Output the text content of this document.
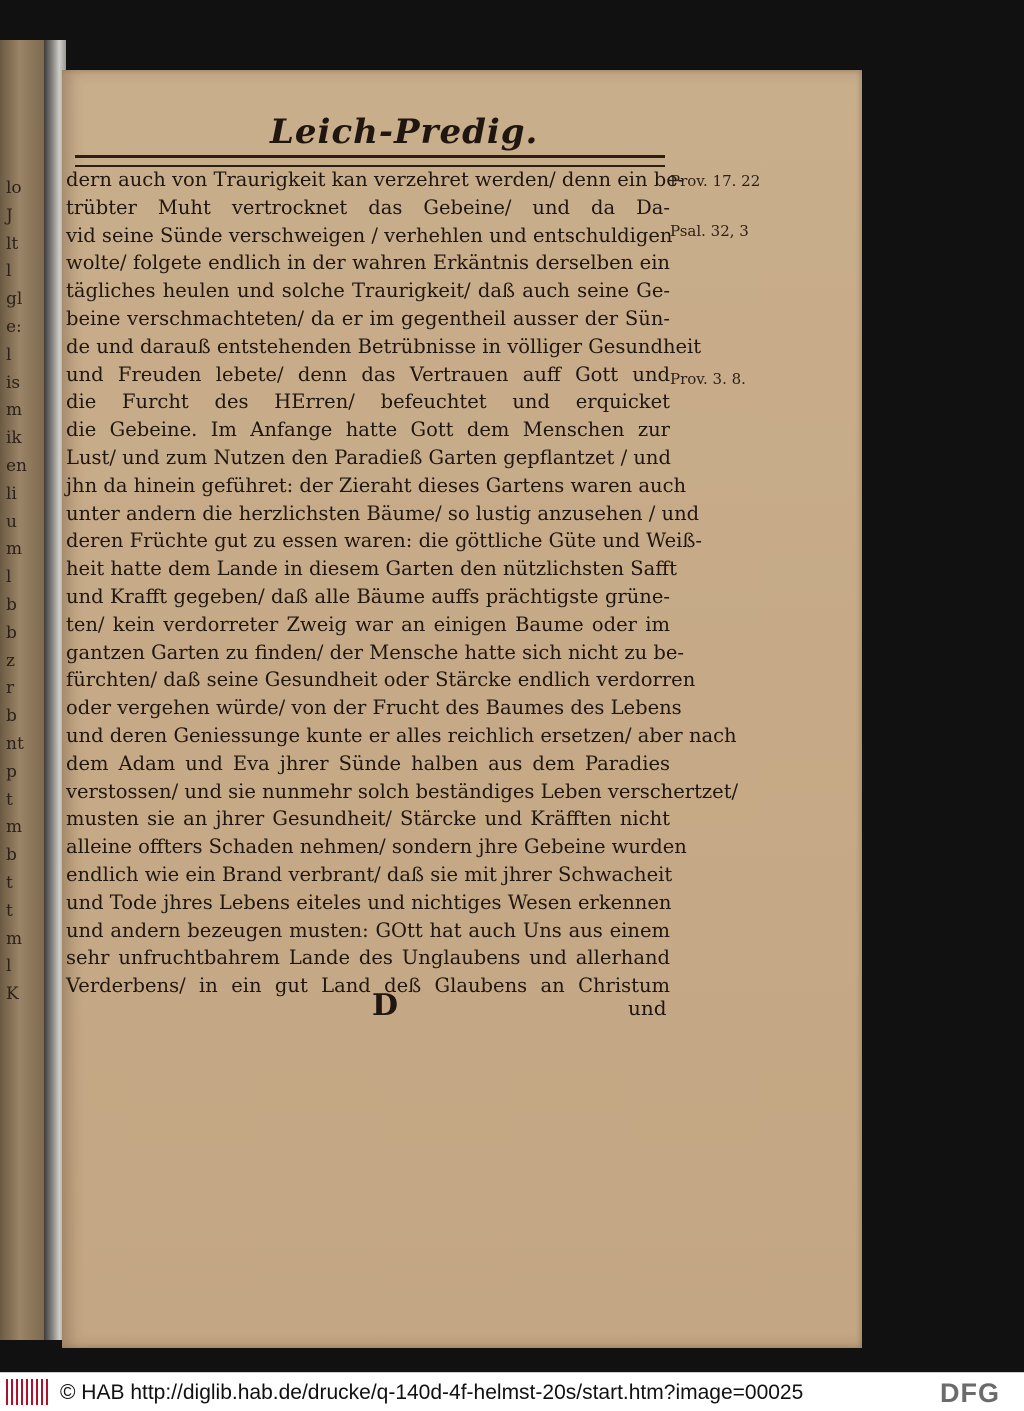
lo
J
lt
l
gl
e:
l
is
m
ik
en
li
u
m
l
b
b
z
r
b
nt
p
t
m
b
t
t
m
l
K
Leich-Predig.
dern auch von Traurigkeit kan verzehret werden/ denn ein be-
trübter Muht vertrocknet das Gebeine/ und da Da-
vid seine Sünde verschweigen / verhehlen und entschuldigen
wolte/ folgete endlich in der wahren Erkäntnis derselben ein
tägliches heulen und solche Traurigkeit/ daß auch seine Ge-
beine verschmachteten/ da er im gegentheil ausser der Sün-
de und darauß entstehenden Betrübnisse in völliger Gesundheit
und Freuden lebete/ denn das Vertrauen auff Gott und
die Furcht des HErren/ befeuchtet und erquicket
die Gebeine. Im Anfange hatte Gott dem Menschen zur
Lust/ und zum Nutzen den Paradieß Garten gepflantzet / und
jhn da hinein geführet: der Zieraht dieses Gartens waren auch
unter andern die herzlichsten Bäume/ so lustig anzusehen / und
deren Früchte gut zu essen waren: die göttliche Güte und Weiß-
heit hatte dem Lande in diesem Garten den nützlichsten Safft
und Krafft gegeben/ daß alle Bäume auffs prächtigste grüne-
ten/ kein verdorreter Zweig war an einigen Baume oder im
gantzen Garten zu finden/ der Mensche hatte sich nicht zu be-
fürchten/ daß seine Gesundheit oder Stärcke endlich verdorren
oder vergehen würde/ von der Frucht des Baumes des Lebens
und deren Geniessunge kunte er alles reichlich ersetzen/ aber nach
dem Adam und Eva jhrer Sünde halben aus dem Paradies
verstossen/ und sie nunmehr solch beständiges Leben verschertzet/
musten sie an jhrer Gesundheit/ Stärcke und Kräfften nicht
alleine offters Schaden nehmen/ sondern jhre Gebeine wurden
endlich wie ein Brand verbrant/ daß sie mit jhrer Schwacheit
und Tode jhres Lebens eiteles und nichtiges Wesen erkennen
und andern bezeugen musten: GOtt hat auch Uns aus einem
sehr unfruchtbahrem Lande des Unglaubens und allerhand
Verderbens/ in ein gut Land deß Glaubens an Christum
Prov. 17. 22
Psal. 32, 3
Prov. 3. 8.
D	und
© HAB http://diglib.hab.de/drucke/q-140d-4f-helmst-20s/start.htm?image=00025	DFG
